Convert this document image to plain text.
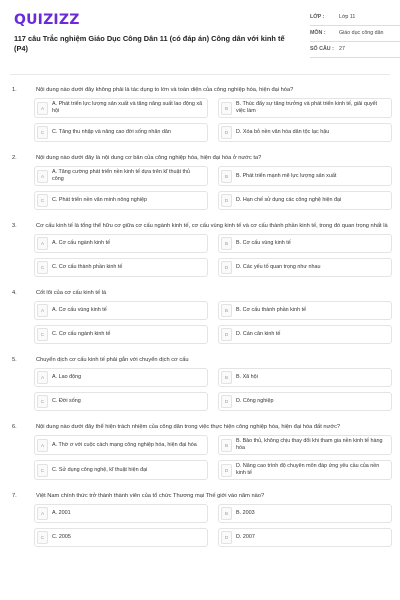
QUIZIZZ
117 câu Trắc nghiệm Giáo Dục Công Dân 11 (có đáp án) Công dân với kinh tế (P4)
LỚP :	Lớp 11
MÔN :	Giáo dục công dân
SỐ CÂU : 27
1.	Nội dung nào dưới đây không phải là tác dụng to lớn và toàn diện của công nghiệp hóa, hiện đại hóa?
A
A. Phát triển lực lượng sản xuất và tăng năng suất lao động xã hội	B
B. Thúc đẩy sự tăng trưởng và phát triển kinh tế, giải quyết việc làm
C	C. Tăng thu nhập và nâng cao đời sống nhân dân	D	D. Xóa bỏ nền văn hóa dân tộc lạc hậu
2.	Nội dung nào dưới đây là nội dung cơ bản của công nghiệp hóa, hiện đại hóa ở nước ta?
A
A. Tăng cường phát triển nền kinh tế dựa trên kĩ thuật thủ công	B	B. Phát triển mạnh mẽ lực lượng sản xuất
C	C. Phát triển nền văn minh nông nghiệp	D	D. Hạn chế sử dụng các công nghệ hiện đại
3.	Cơ cấu kinh tế là tổng thể hữu cơ giữa cơ cấu ngành kinh tế, cơ cấu vùng kinh tế và cơ cấu thành phần kinh tế, trong đó quan trọng nhất là
A	A. Cơ cấu ngành kinh tế	B	B. Cơ cấu vùng kinh tế
C	C. Cơ cấu thành phần kinh tế	D	D. Các yếu tố quan trọng như nhau
4.	Cốt lõi của cơ cấu kinh tế là
A	A. Cơ cấu vùng kinh tế	B	B. Cơ cấu thành phần kinh tế
C	C. Cơ cấu ngành kinh tế	D	D. Cán cân kinh tế
5.	Chuyển dịch cơ cấu kinh tế phải gắn với chuyển dịch cơ cấu
A	A. Lao động	B	B. Xã hội
C	C. Đời sống	D	D. Công nghiệp
6.	Nội dung nào dưới đây thể hiện trách nhiệm của công dân trong việc thực hiện công nghiệp hóa, hiện đại hóa đất nước?
A	A. Thờ ơ với cuộc cách mạng công nghiệp hóa, hiện đại hóa	B
B. Bảo thủ, không chịu thay đổi khi tham gia nền kinh tế hàng hóa
C	C. Sử dụng công nghệ, kĩ thuật hiện đại	D
D. Nâng cao trình độ chuyên môn đáp ứng yêu cầu của nền kinh tế
7.	Việt Nam chính thức trở thành thành viên của tổ chức Thương mại Thế giới vào năm nào?
A	A. 2001	B	B. 2003
C	C. 2005	D	D. 2007
